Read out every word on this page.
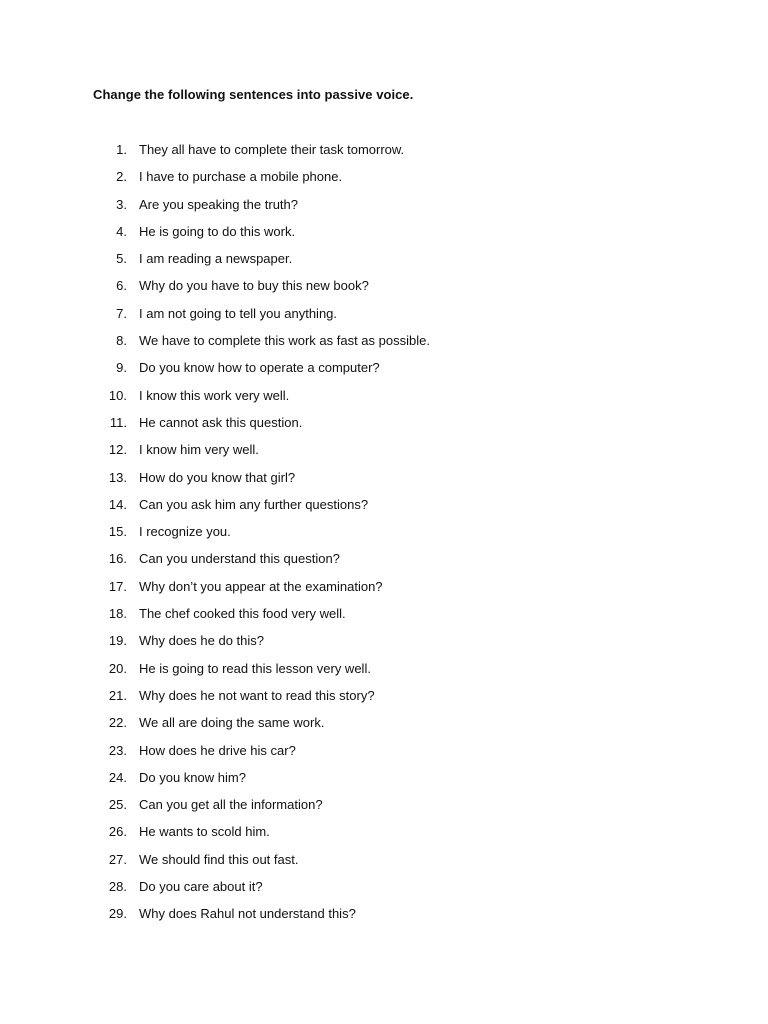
Change the following sentences into passive voice.
1. They all have to complete their task tomorrow.
2. I have to purchase a mobile phone.
3. Are you speaking the truth?
4. He is going to do this work.
5. I am reading a newspaper.
6. Why do you have to buy this new book?
7. I am not going to tell you anything.
8. We have to complete this work as fast as possible.
9. Do you know how to operate a computer?
10. I know this work very well.
11. He cannot ask this question.
12. I know him very well.
13. How do you know that girl?
14. Can you ask him any further questions?
15. I recognize you.
16. Can you understand this question?
17. Why don’t you appear at the examination?
18. The chef cooked this food very well.
19. Why does he do this?
20. He is going to read this lesson very well.
21. Why does he not want to read this story?
22. We all are doing the same work.
23. How does he drive his car?
24. Do you know him?
25. Can you get all the information?
26. He wants to scold him.
27. We should find this out fast.
28. Do you care about it?
29. Why does Rahul not understand this?
